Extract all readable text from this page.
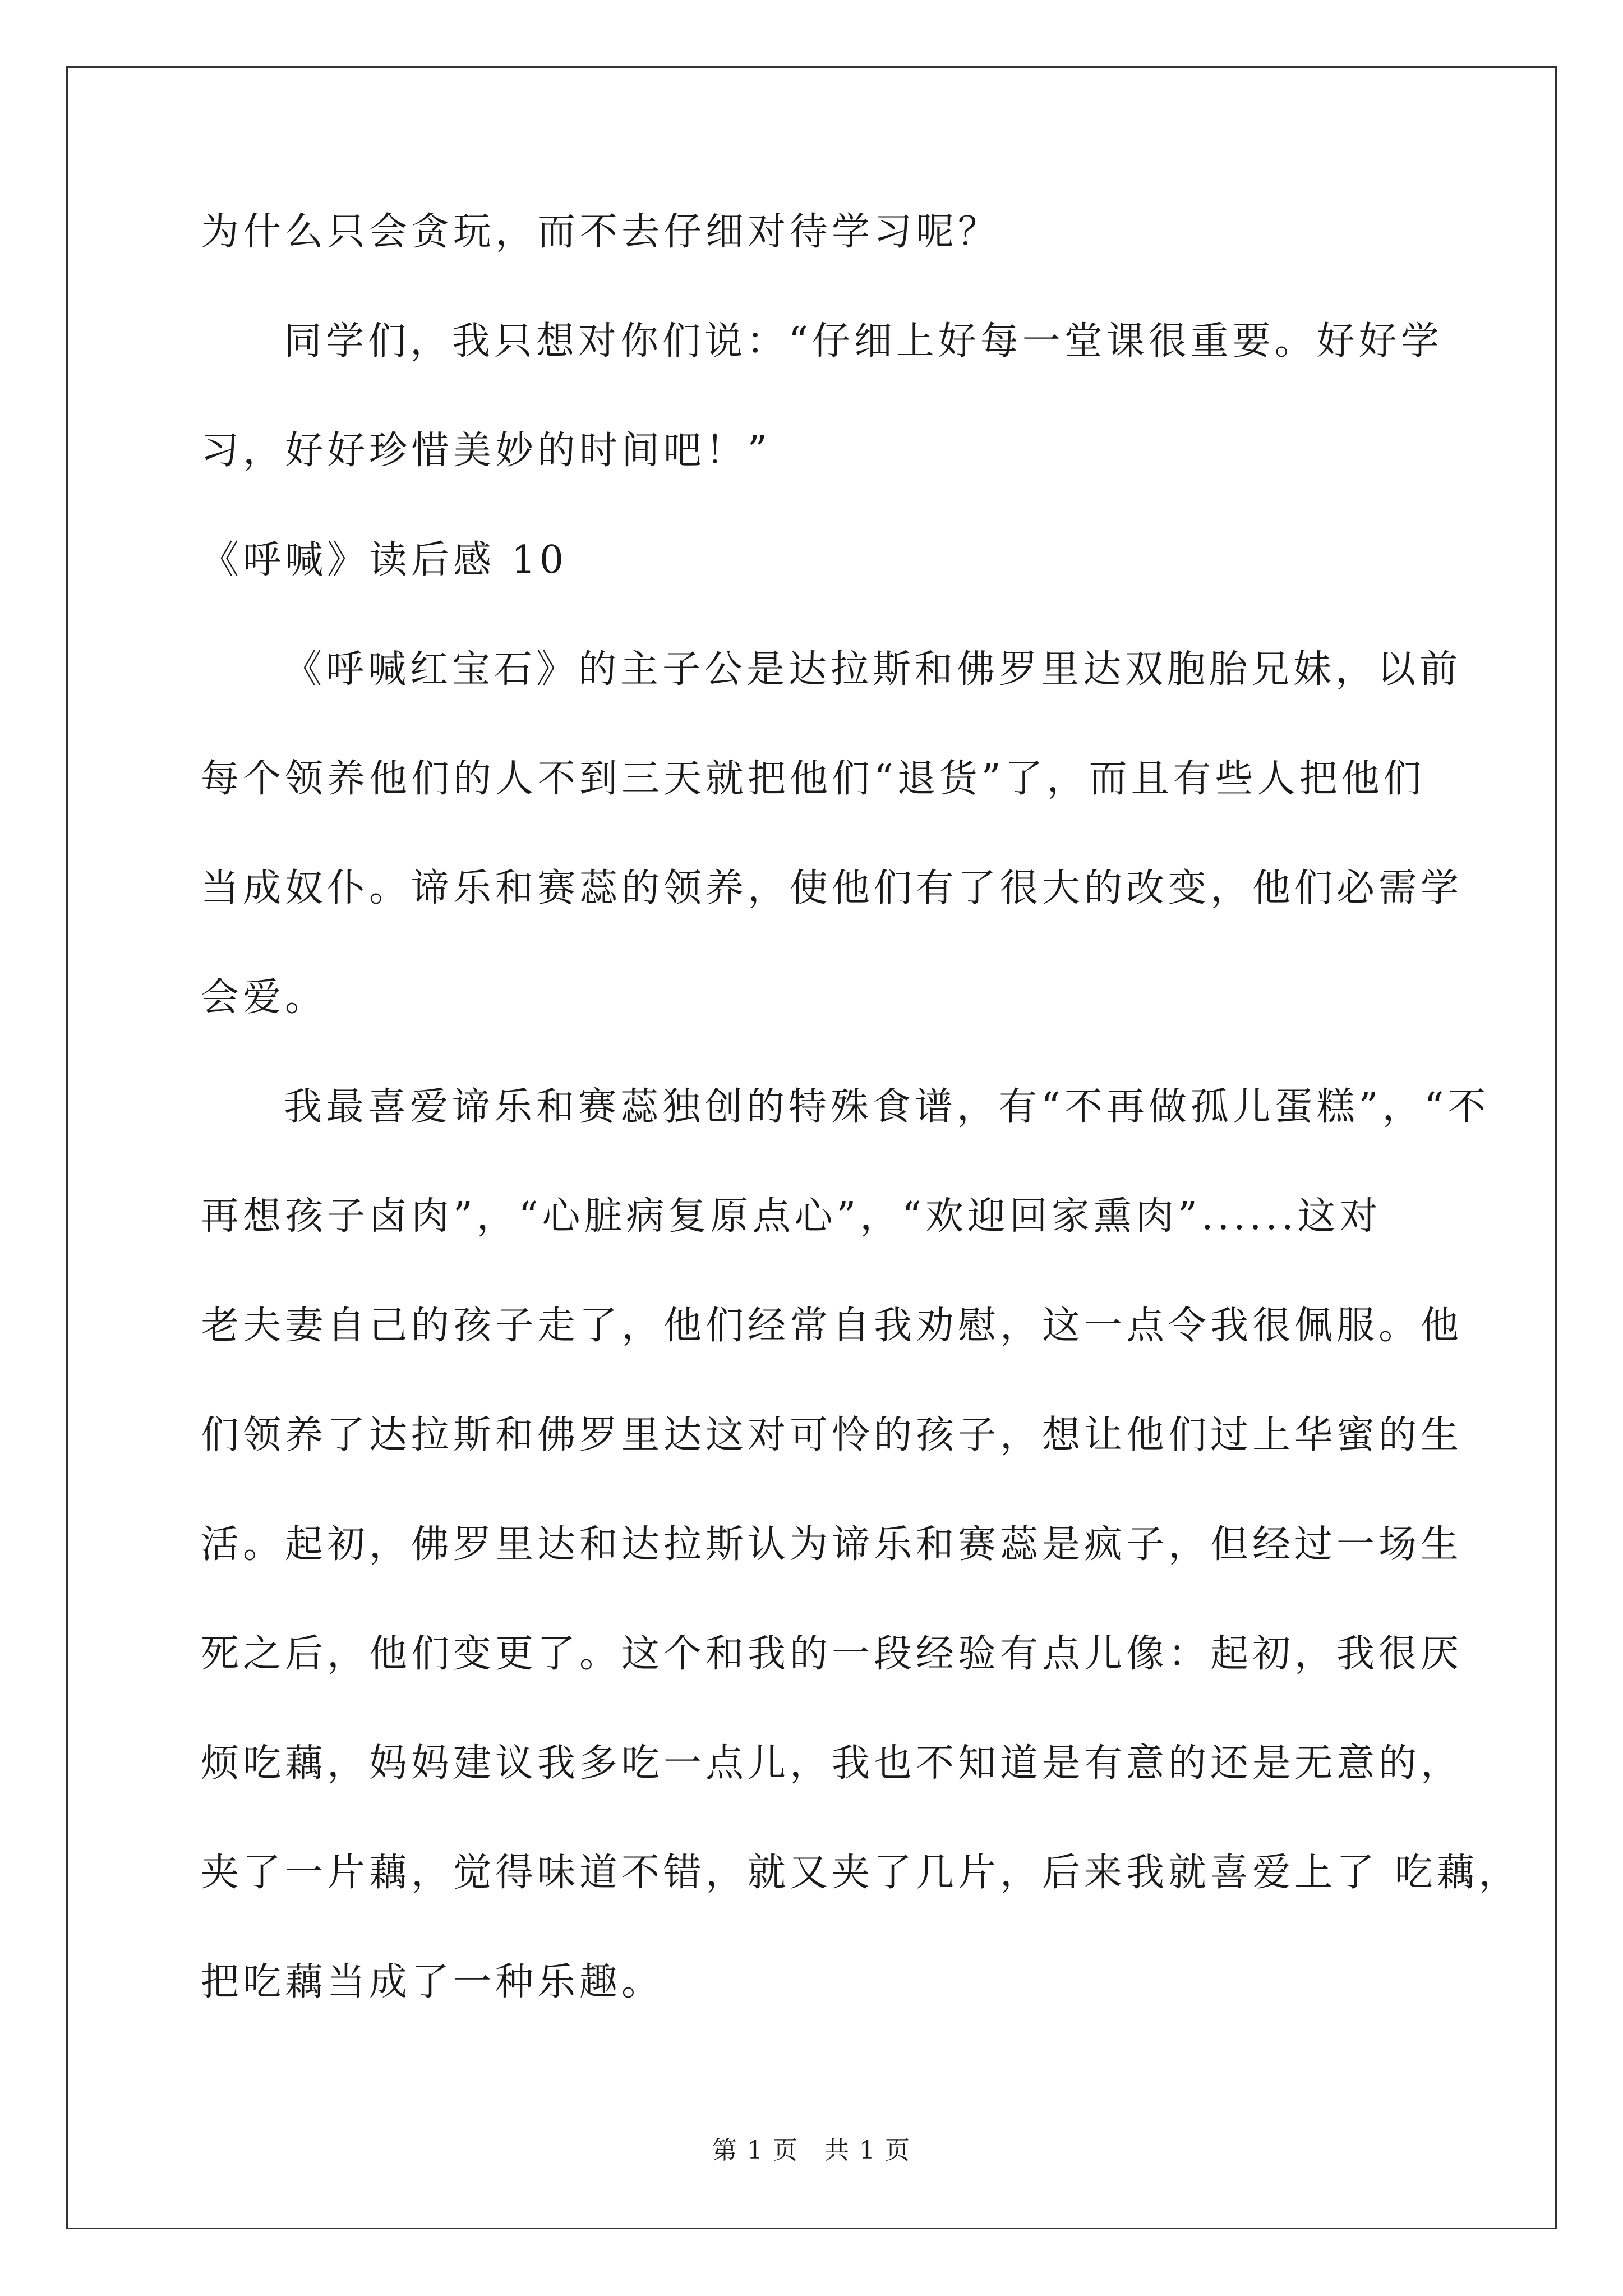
为什么只会贪玩，而不去仔细对待学习呢？
同学们，我只想对你们说：“仔细上好每一堂课很重要。好好学
习，好好珍惜美妙的时间吧！”
《呼喊》读后感 10
《呼喊红宝石》的主子公是达拉斯和佛罗里达双胞胎兄妹，以前
每个领养他们的人不到三天就把他们“退货”了，而且有些人把他们
当成奴仆。谛乐和赛蕊的领养，使他们有了很大的改变，他们必需学
会爱。
我最喜爱谛乐和赛蕊独创的特殊食谱，有“不再做孤儿蛋糕”，“不
再想孩子卤肉”，“心脏病复原点心”，“欢迎回家熏肉”......这对
老夫妻自己的孩子走了，他们经常自我劝慰，这一点令我很佩服。他
们领养了达拉斯和佛罗里达这对可怜的孩子，想让他们过上华蜜的生
活。起初，佛罗里达和达拉斯认为谛乐和赛蕊是疯子，但经过一场生
死之后，他们变更了。这个和我的一段经验有点儿像：起初，我很厌
烦吃藕，妈妈建议我多吃一点儿，我也不知道是有意的还是无意的，
夹了一片藕，觉得味道不错，就又夹了几片，后来我就喜爱上了 吃藕，
把吃藕当成了一种乐趣。
第 1 页　共 1 页
